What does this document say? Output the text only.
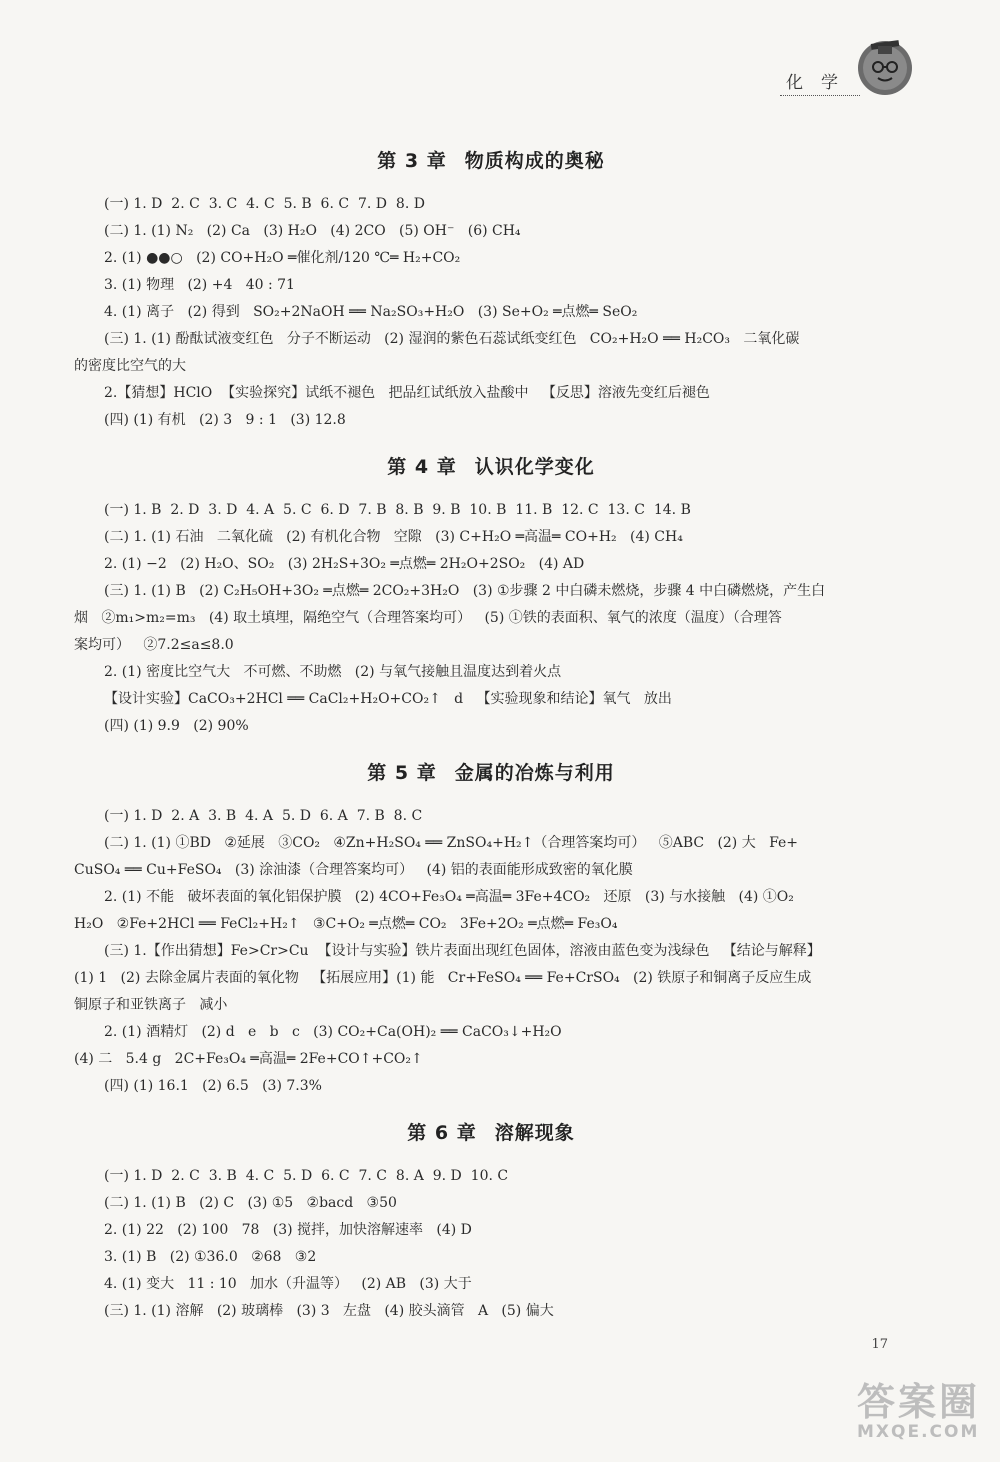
化学
第 3 章 物质构成的奥秘
(一) 1. D  2. C  3. C  4. C  5. B  6. C  7. D  8. D
(二) 1. (1) N₂   (2) Ca   (3) H₂O   (4) 2CO   (5) OH⁻   (6) CH₄
2. (1) ●●○   (2) CO+H₂O ═催化剂/120 ℃═ H₂+CO₂
3. (1) 物理   (2) +4   40 : 71
4. (1) 离子   (2) 得到   SO₂+2NaOH ══ Na₂SO₃+H₂O   (3) Se+O₂ ═点燃═ SeO₂
(三) 1. (1) 酚酞试液变红色   分子不断运动   (2) 湿润的紫色石蕊试纸变红色   CO₂+H₂O ══ H₂CO₃   二氧化碳
的密度比空气的大
2.【猜想】HClO  【实验探究】试纸不褪色   把品红试纸放入盐酸中   【反思】溶液先变红后褪色
(四) (1) 有机   (2) 3   9 : 1   (3) 12.8
第 4 章 认识化学变化
(一) 1. B  2. D  3. D  4. A  5. C  6. D  7. B  8. B  9. B  10. B  11. B  12. C  13. C  14. B
(二) 1. (1) 石油   二氧化硫   (2) 有机化合物   空隙   (3) C+H₂O ═高温═ CO+H₂   (4) CH₄
2. (1) −2   (2) H₂O、SO₂   (3) 2H₂S+3O₂ ═点燃═ 2H₂O+2SO₂   (4) AD
(三) 1. (1) B   (2) C₂H₅OH+3O₂ ═点燃═ 2CO₂+3H₂O   (3) ①步骤 2 中白磷未燃烧，步骤 4 中白磷燃烧，产生白
烟   ②m₁>m₂=m₃   (4) 取土填埋，隔绝空气（合理答案均可）   (5) ①铁的表面积、氧气的浓度（温度）（合理答
案均可）   ②7.2≤a≤8.0
2. (1) 密度比空气大   不可燃、不助燃   (2) 与氧气接触且温度达到着火点
【设计实验】CaCO₃+2HCl ══ CaCl₂+H₂O+CO₂↑   d   【实验现象和结论】氧气   放出
(四) (1) 9.9   (2) 90%
第 5 章 金属的冶炼与利用
(一) 1. D  2. A  3. B  4. A  5. D  6. A  7. B  8. C
(二) 1. (1) ①BD   ②延展   ③CO₂   ④Zn+H₂SO₄ ══ ZnSO₄+H₂↑（合理答案均可）   ⑤ABC   (2) 大   Fe+
CuSO₄ ══ Cu+FeSO₄   (3) 涂油漆（合理答案均可）   (4) 铝的表面能形成致密的氧化膜
2. (1) 不能   破坏表面的氧化铝保护膜   (2) 4CO+Fe₃O₄ ═高温═ 3Fe+4CO₂   还原   (3) 与水接触   (4) ①O₂
H₂O   ②Fe+2HCl ══ FeCl₂+H₂↑   ③C+O₂ ═点燃═ CO₂   3Fe+2O₂ ═点燃═ Fe₃O₄
(三) 1.【作出猜想】Fe>Cr>Cu  【设计与实验】铁片表面出现红色固体，溶液由蓝色变为浅绿色   【结论与解释】
(1) 1   (2) 去除金属片表面的氧化物   【拓展应用】(1) 能   Cr+FeSO₄ ══ Fe+CrSO₄   (2) 铁原子和铜离子反应生成
铜原子和亚铁离子   减小
2. (1) 酒精灯   (2) d   e   b   c   (3) CO₂+Ca(OH)₂ ══ CaCO₃↓+H₂O
(4) 二   5.4 g   2C+Fe₃O₄ ═高温═ 2Fe+CO↑+CO₂↑
(四) (1) 16.1   (2) 6.5   (3) 7.3%
第 6 章 溶解现象
(一) 1. D  2. C  3. B  4. C  5. D  6. C  7. C  8. A  9. D  10. C
(二) 1. (1) B   (2) C   (3) ①5   ②bacd   ③50
2. (1) 22   (2) 100   78   (3) 搅拌，加快溶解速率   (4) D
3. (1) B   (2) ①36.0   ②68   ③2
4. (1) 变大   11 : 10   加水（升温等）   (2) AB   (3) 大于
(三) 1. (1) 溶解   (2) 玻璃棒   (3) 3   左盘   (4) 胶头滴管   A   (5) 偏大
17
答案圈
MXQE.COM
